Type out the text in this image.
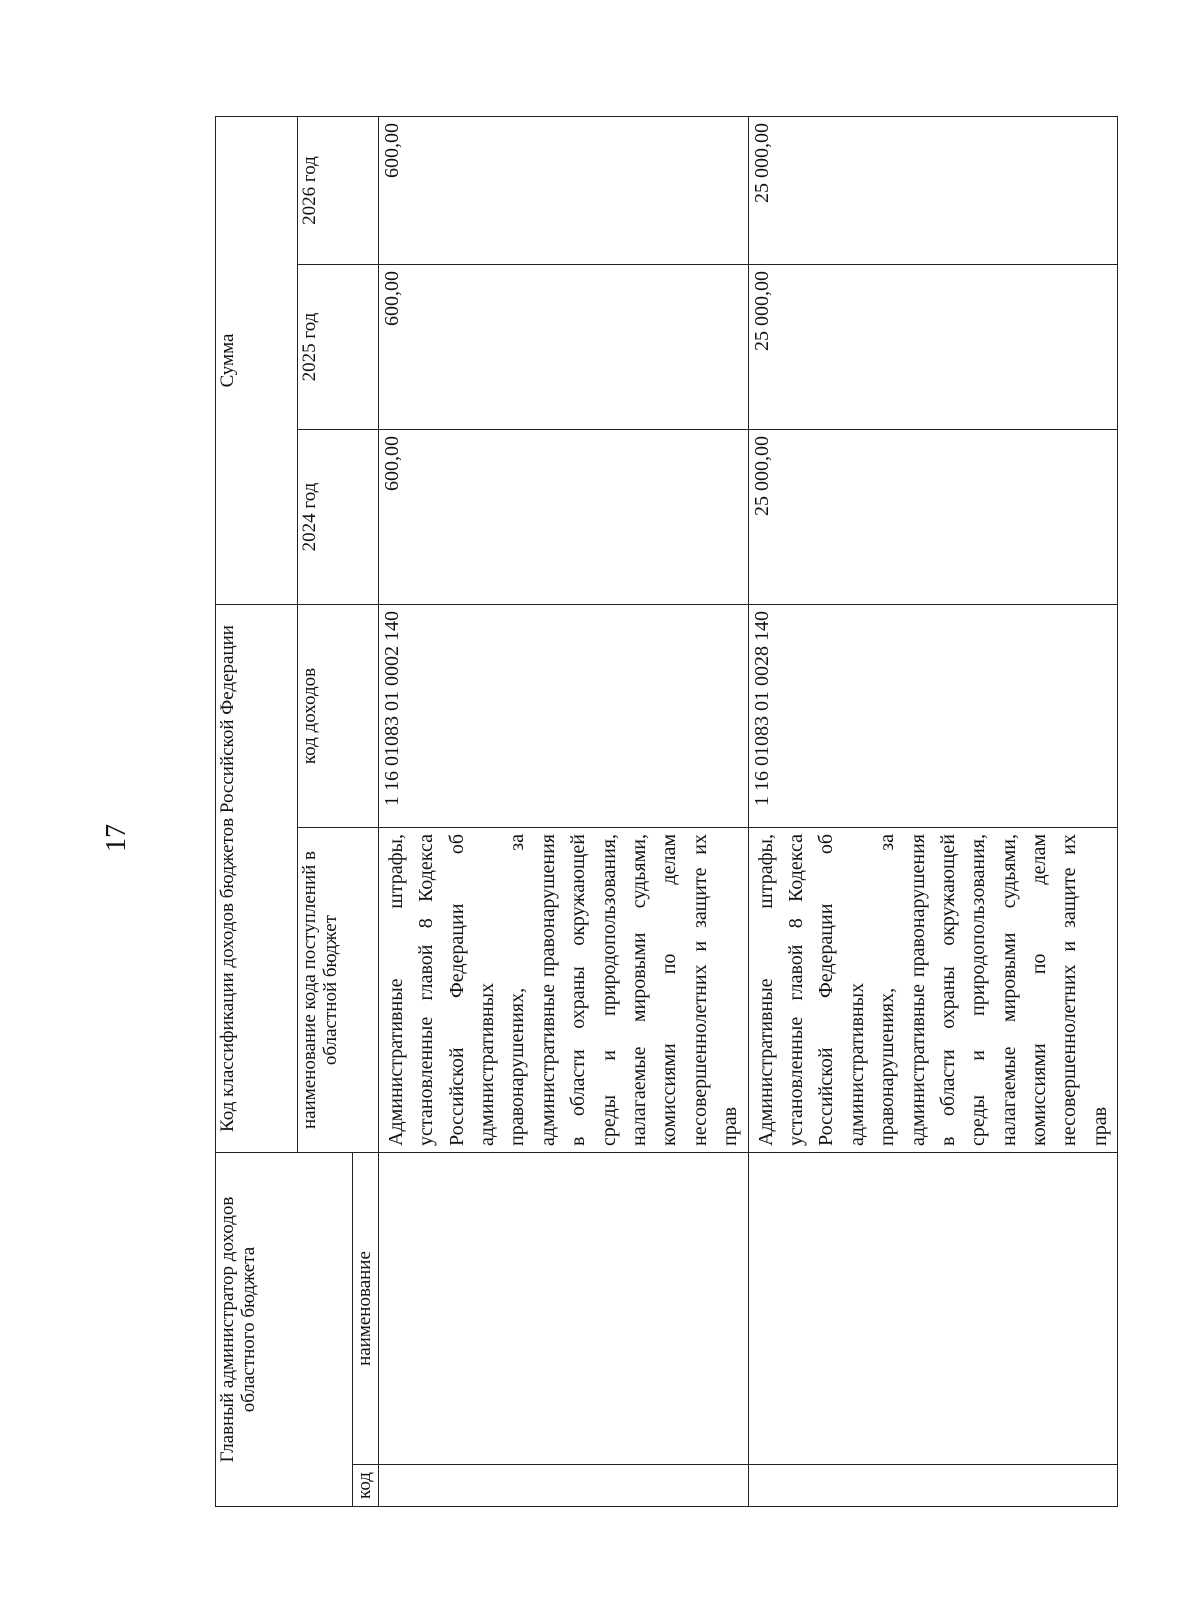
17
Главный администратор доходов областного бюджета		Код классификации доходов бюджетов Российской Федерации		Сумма		
		наименование кода поступлений в областной бюджет	код доходов	2024 год	2025 год	2026 год
код	наименование					
		Административные штрафы, установленные главой 8 Кодекса Российской Федерации об административных правонарушениях, за административные правонарушения в области охраны окружающей среды и природопользования, налагаемые мировыми судьями, комиссиями по делам несовершеннолетних и защите их прав	1 16 01083 01 0002 140	600,00	600,00	600,00
		Административные штрафы, установленные главой 8 Кодекса Российской Федерации об административных правонарушениях, за административные правонарушения в области охраны окружающей среды и природопользования, налагаемые мировыми судьями, комиссиями по делам несовершеннолетних и защите их прав	1 16 01083 01 0028 140	25 000,00	25 000,00	25 000,00
